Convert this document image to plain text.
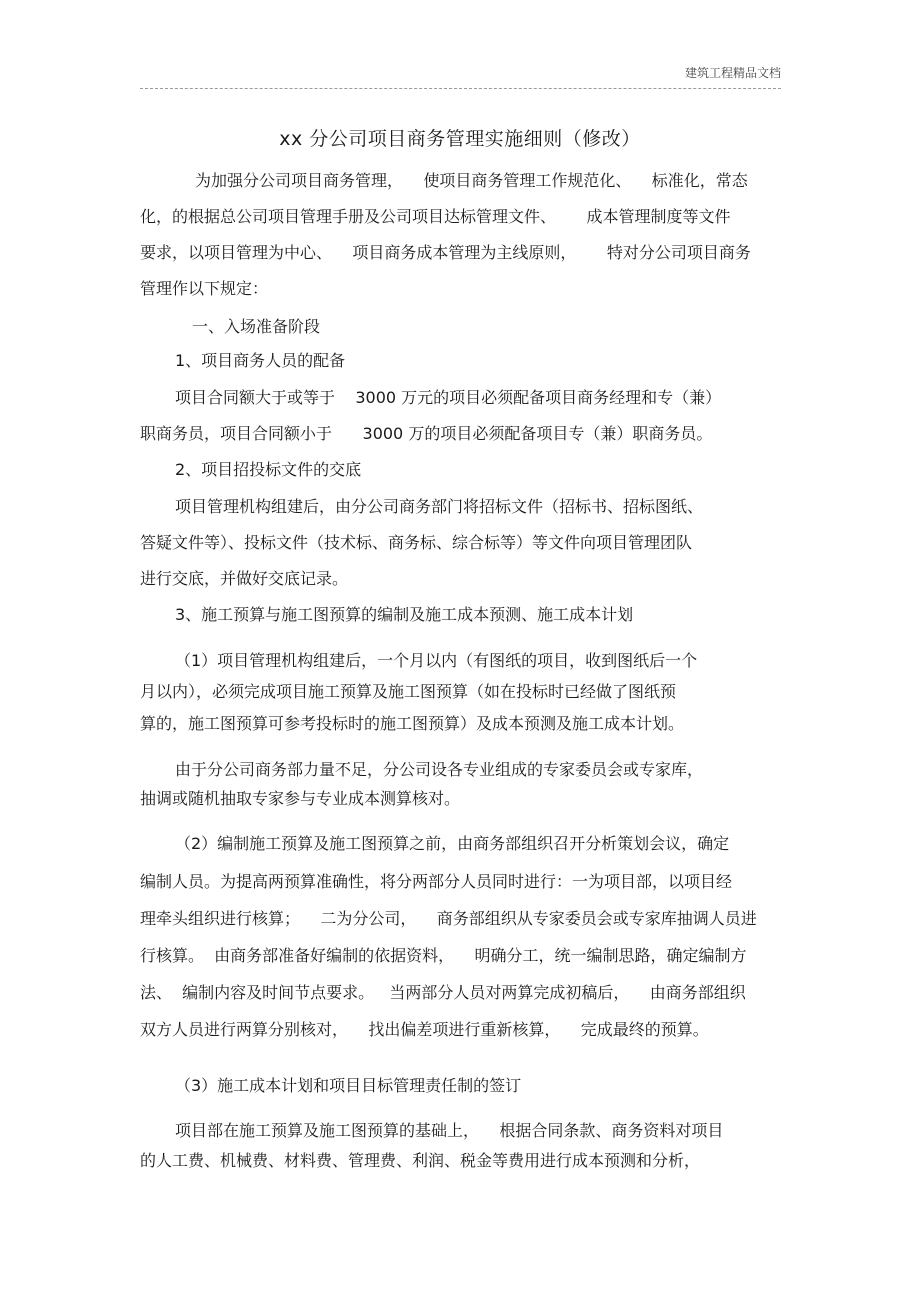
建筑工程精品文档
xx 分公司项目商务管理实施细则（修改）
为加强分公司项目商务管理，    使项目商务管理工作规范化、    标准化，常态
化，的根据总公司项目管理手册及公司项目达标管理文件、      成本管理制度等文件
要求，以项目管理为中心、    项目商务成本管理为主线原则，      特对分公司项目商务
管理作以下规定：
一、入场准备阶段
1、项目商务人员的配备
项目合同额大于或等于    3000 万元的项目必须配备项目商务经理和专（兼）
职商务员，项目合同额小于      3000 万的项目必须配备项目专（兼）职商务员。
2、项目招投标文件的交底
项目管理机构组建后，由分公司商务部门将招标文件（招标书、招标图纸、
答疑文件等）、投标文件（技术标、商务标、综合标等）等文件向项目管理团队
进行交底，并做好交底记录。
3、施工预算与施工图预算的编制及施工成本预测、施工成本计划
（1）项目管理机构组建后，一个月以内（有图纸的项目，收到图纸后一个
月以内），必须完成项目施工预算及施工图预算（如在投标时已经做了图纸预
算的，施工图预算可参考投标时的施工图预算）及成本预测及施工成本计划。
由于分公司商务部力量不足，分公司设各专业组成的专家委员会或专家库，
抽调或随机抽取专家参与专业成本测算核对。
（2）编制施工预算及施工图预算之前，由商务部组织召开分析策划会议，确定
编制人员。为提高两预算准确性，将分两部分人员同时进行：一为项目部，以项目经
理牵头组织进行核算；    二为分公司，    商务部组织从专家委员会或专家库抽调人员进
行核算。  由商务部准备好编制的依据资料，    明确分工，统一编制思路，确定编制方
法、  编制内容及时间节点要求。   当两部分人员对两算完成初稿后，    由商务部组织
双方人员进行两算分别核对，    找出偏差项进行重新核算，    完成最终的预算。
（3）施工成本计划和项目目标管理责任制的签订
项目部在施工预算及施工图预算的基础上，    根据合同条款、商务资料对项目
的人工费、机械费、材料费、管理费、利润、税金等费用进行成本预测和分析，
